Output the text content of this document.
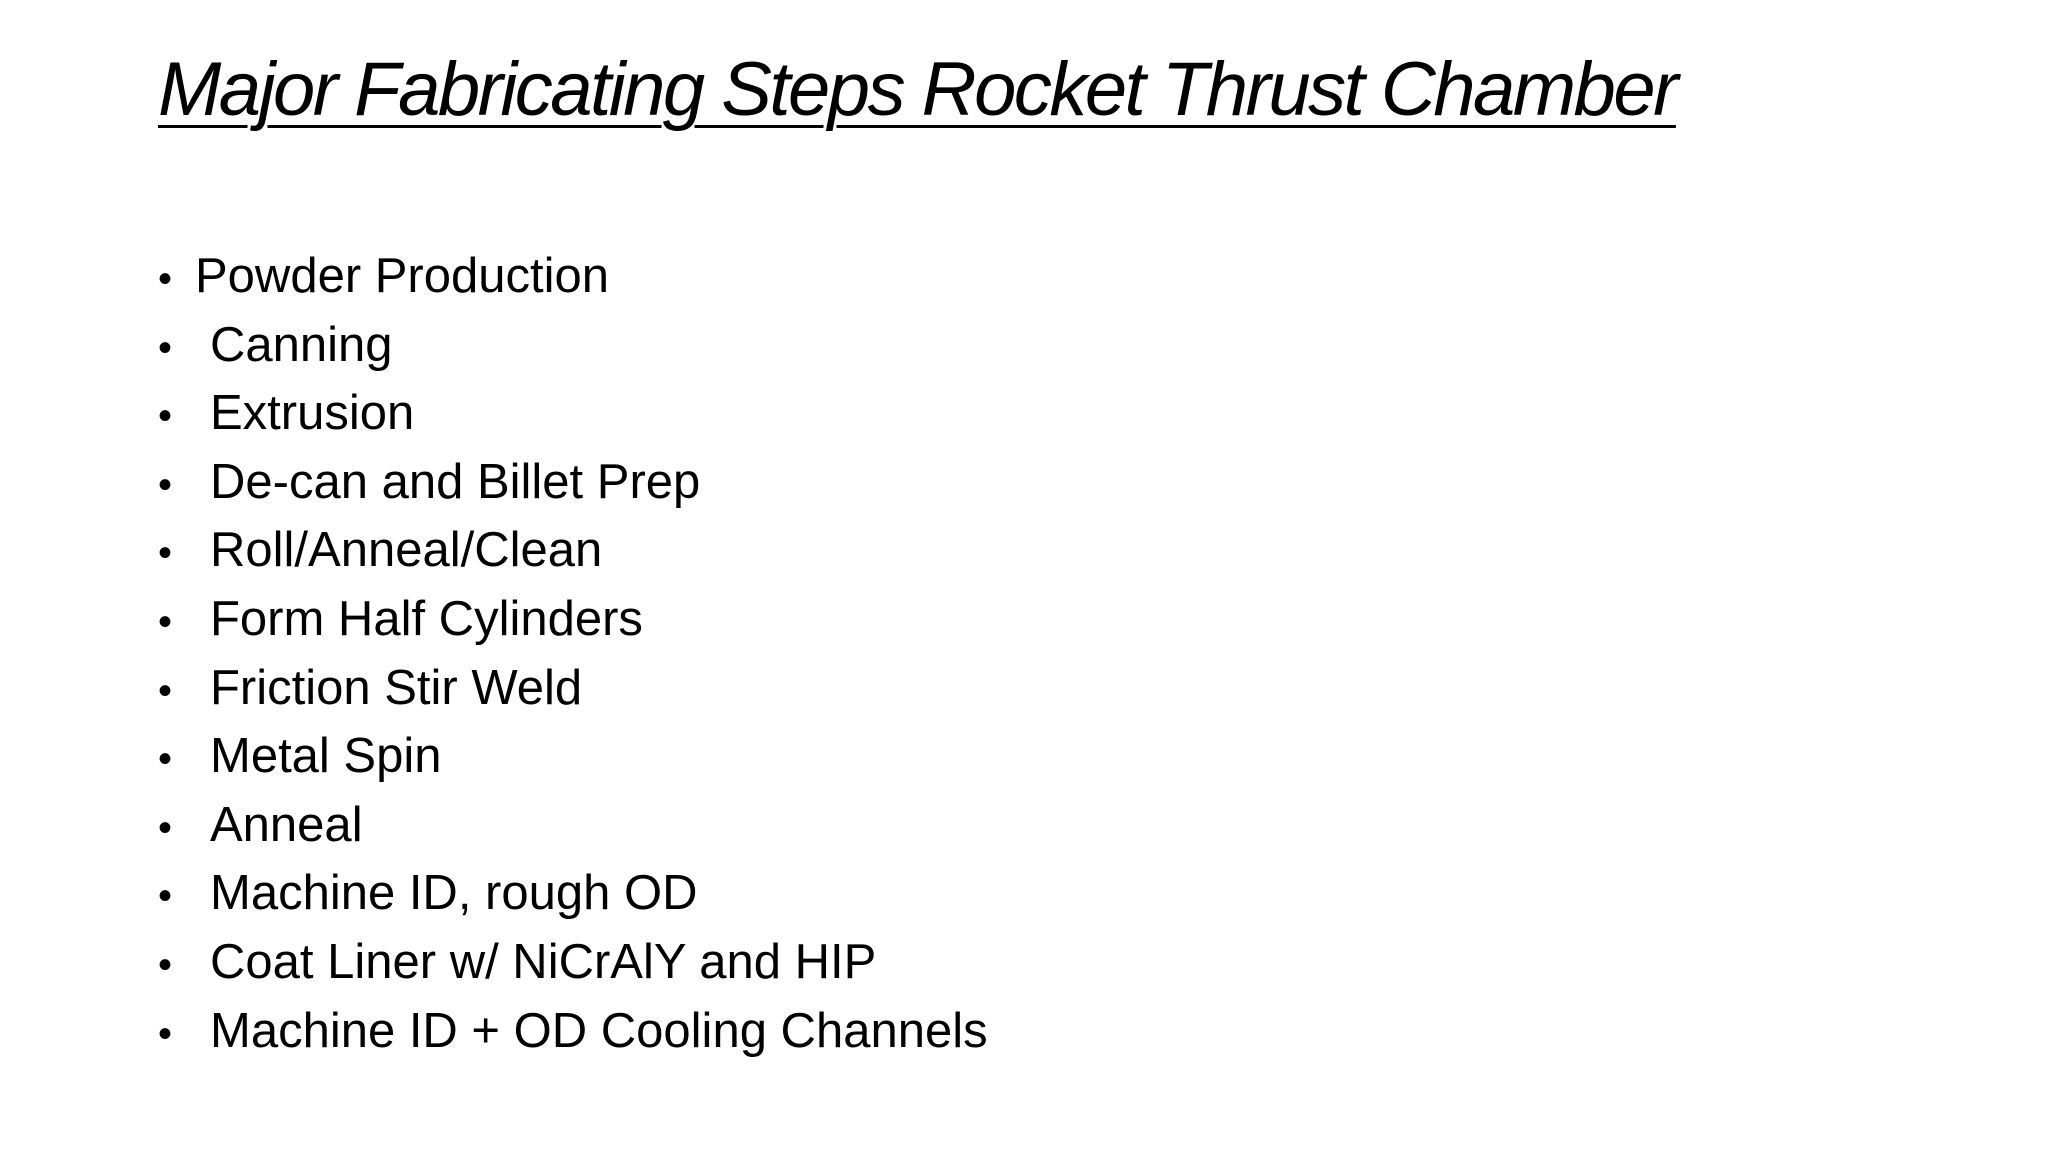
Major Fabricating Steps Rocket Thrust Chamber
• Powder Production
• Canning
• Extrusion
• De-can and Billet Prep
• Roll/Anneal/Clean
• Form Half Cylinders
• Friction Stir Weld
• Metal Spin
• Anneal
• Machine ID, rough OD
• Coat Liner w/ NiCrAlY and HIP
• Machine ID + OD Cooling Channels
